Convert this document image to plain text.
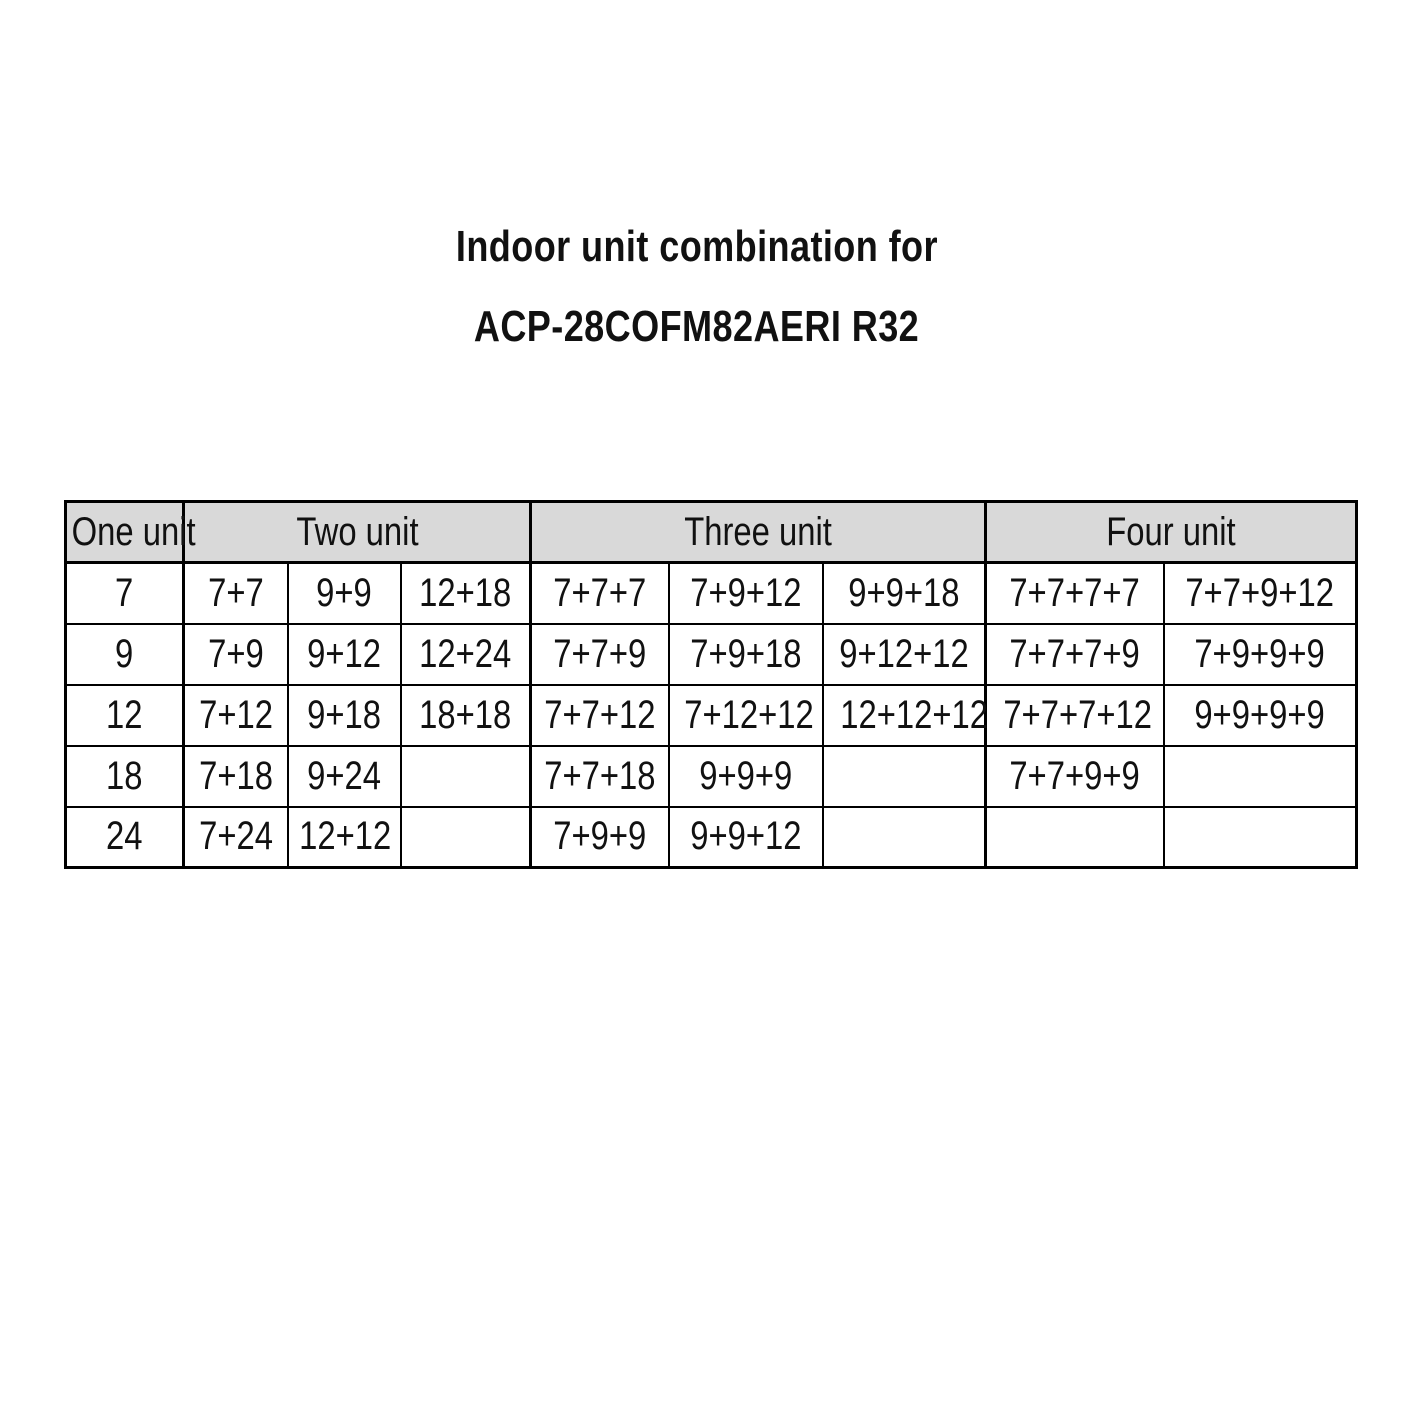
Indoor unit combination for
ACP-28COFM82AERI R32
One unit	Two unit			Three unit			Four unit	
7	7+7	9+9	12+18	7+7+7	7+9+12	9+9+18	7+7+7+7	7+7+9+12
9	7+9	9+12	12+24	7+7+9	7+9+18	9+12+12	7+7+7+9	7+9+9+9
12	7+12	9+18	18+18	7+7+12	7+12+12	12+12+12	7+7+7+12	9+9+9+9
18	7+18	9+24		7+7+18	9+9+9		7+7+9+9	
24	7+24	12+12		7+9+9	9+9+12			
